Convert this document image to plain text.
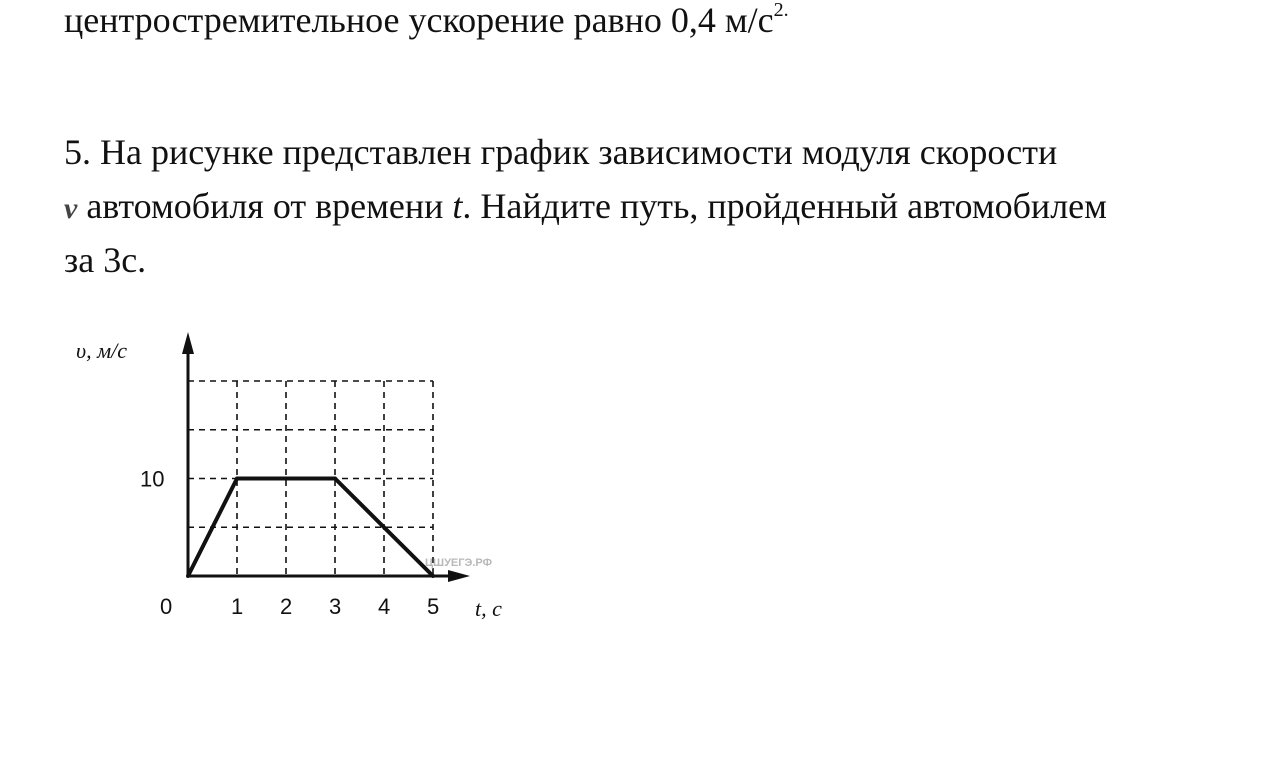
центростремительное ускорение равно 0,4 $м/с^{2.}$
5. На рисунке представлен график зависимости модуля скорости
v автомобиля от времени t. Найдите путь, пройденный автомобилем
за 3с.
ЦШУЕГЭ.РФ
υ, м/с
t, с
0
10
1 2 3 4 5
